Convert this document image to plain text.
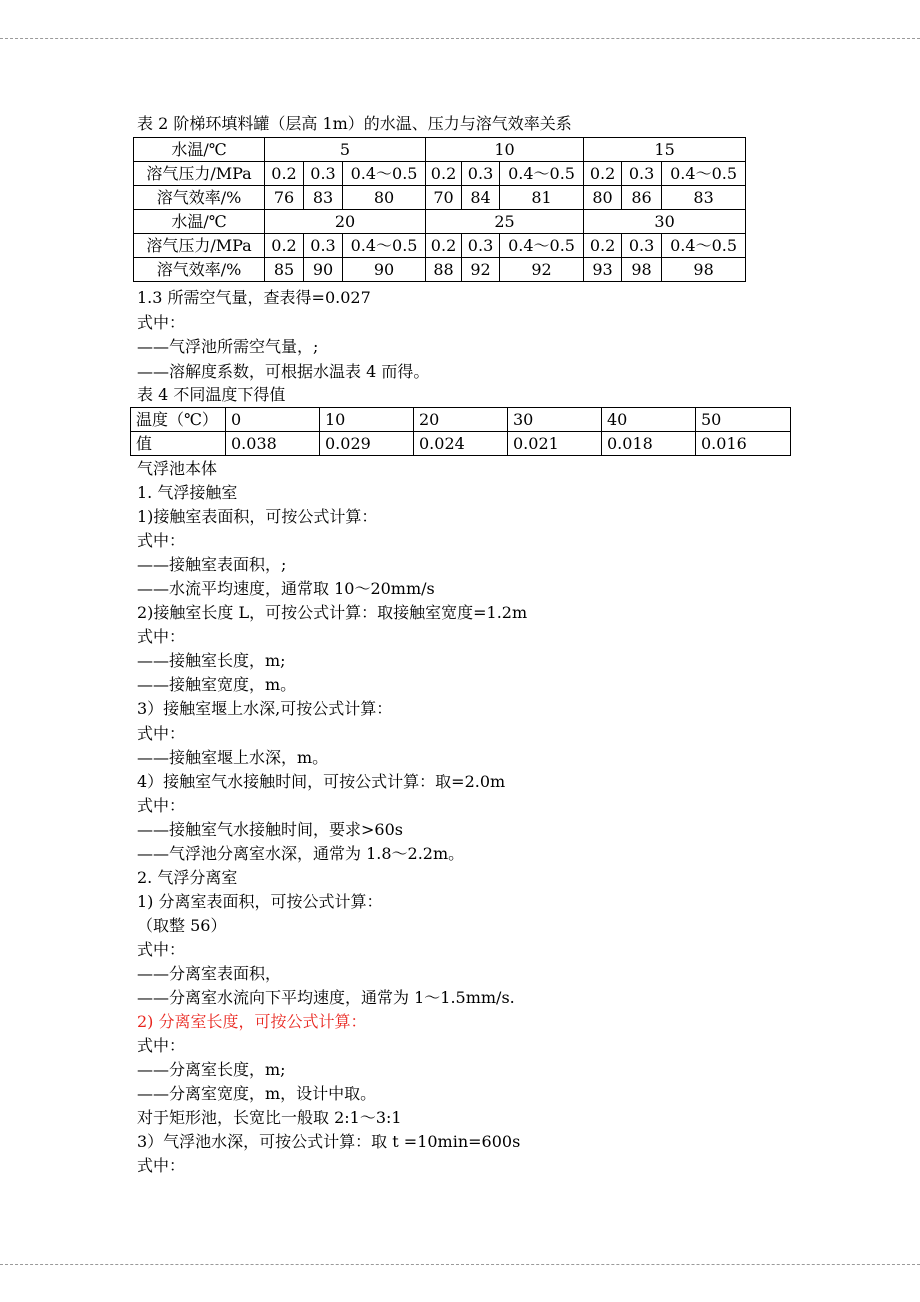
表 2 阶梯环填料罐（层高 1m）的水温、压力与溶气效率关系
水温/℃	5			10			15		
溶气压力/MPa	0.2	0.3	0.4～0.5	0.2	0.3	0.4～0.5	0.2	0.3	0.4～0.5
溶气效率/%	76	83	80	70	84	81	80	86	83
水温/℃	20			25			30		
溶气压力/MPa	0.2	0.3	0.4～0.5	0.2	0.3	0.4～0.5	0.2	0.3	0.4～0.5
溶气效率/%	85	90	90	88	92	92	93	98	98

1.3 所需空气量，查表得=0.027

式中：

——气浮池所需空气量，;

——溶解度系数，可根据水温表 4 而得。

表 4 不同温度下得值
温度（℃）	0	10	20	30	40	50
值	0.038	0.029	0.024	0.021	0.018	0.016

气浮池本体

1. 气浮接触室

1)接触室表面积，可按公式计算：

式中：

——接触室表面积，;

——水流平均速度，通常取 10～20mm/s

2)接触室长度 L，可按公式计算：取接触室宽度=1.2m

式中：

——接触室长度，m;

——接触室宽度，m。

3）接触室堰上水深,可按公式计算：

式中：

——接触室堰上水深，m。

4）接触室气水接触时间，可按公式计算：取=2.0m

式中：

——接触室气水接触时间，要求>60s

——气浮池分离室水深，通常为 1.8～2.2m。

2. 气浮分离室

1) 分离室表面积，可按公式计算：

（取整 56）

式中：

——分离室表面积，

——分离室水流向下平均速度，通常为 1～1.5mm/s.

2) 分离室长度，可按公式计算：

式中：

——分离室长度，m;

——分离室宽度，m，设计中取。

对于矩形池，长宽比一般取 2:1～3:1

3）气浮池水深，可按公式计算：取 t =10min=600s

式中：
